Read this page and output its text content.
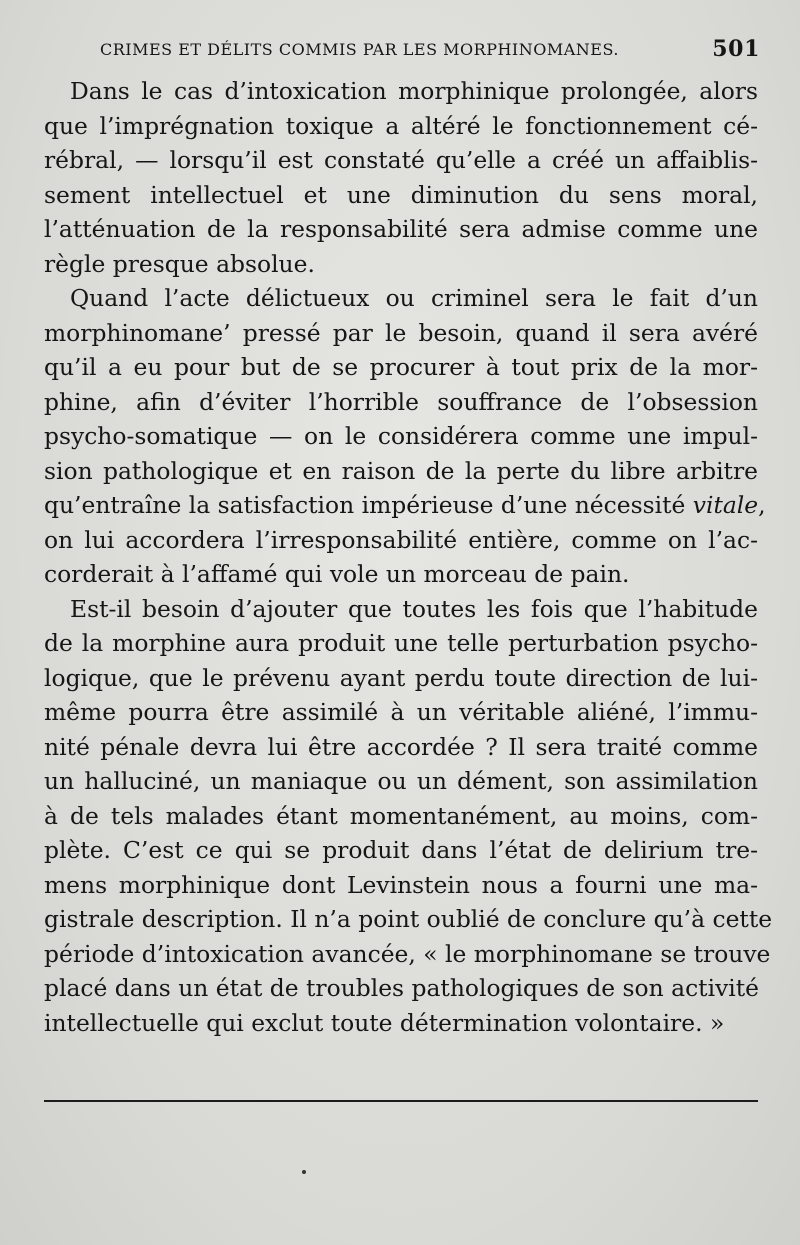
CRIMES ET DÉLITS COMMIS PAR LES MORPHINOMANES.	501
Dans le cas d’intoxication morphinique prolongée, alors
que l’imprégnation toxique a altéré le fonctionnement cé-
rébral, — lorsqu’il est constaté qu’elle a créé un affaiblis-
sement intellectuel et une diminution du sens moral,
l’atténuation de la responsabilité sera admise comme une
règle presque absolue.
Quand l’acte délictueux ou criminel sera le fait d’un
morphinomane’ pressé par le besoin, quand il sera avéré
qu’il a eu pour but de se procurer à tout prix de la mor-
phine, afin d’éviter l’horrible souffrance de l’obsession
psycho-somatique — on le considérera comme une impul-
sion pathologique et en raison de la perte du libre arbitre
qu’entraîne la satisfaction impérieuse d’une nécessité vitale,
on lui accordera l’irresponsabilité entière, comme on l’ac-
corderait à l’affamé qui vole un morceau de pain.
Est-il besoin d’ajouter que toutes les fois que l’habitude
de la morphine aura produit une telle perturbation psycho-
logique, que le prévenu ayant perdu toute direction de lui-
même pourra être assimilé à un véritable aliéné, l’immu-
nité pénale devra lui être accordée ? Il sera traité comme
un halluciné, un maniaque ou un dément, son assimilation
à de tels malades étant momentanément, au moins, com-
plète. C’est ce qui se produit dans l’état de delirium tre-
mens morphinique dont Levinstein nous a fourni une ma-
gistrale description. Il n’a point oublié de conclure qu’à cette
période d’intoxication avancée, « le morphinomane se trouve
placé dans un état de troubles pathologiques de son activité
intellectuelle qui exclut toute détermination volontaire. »
